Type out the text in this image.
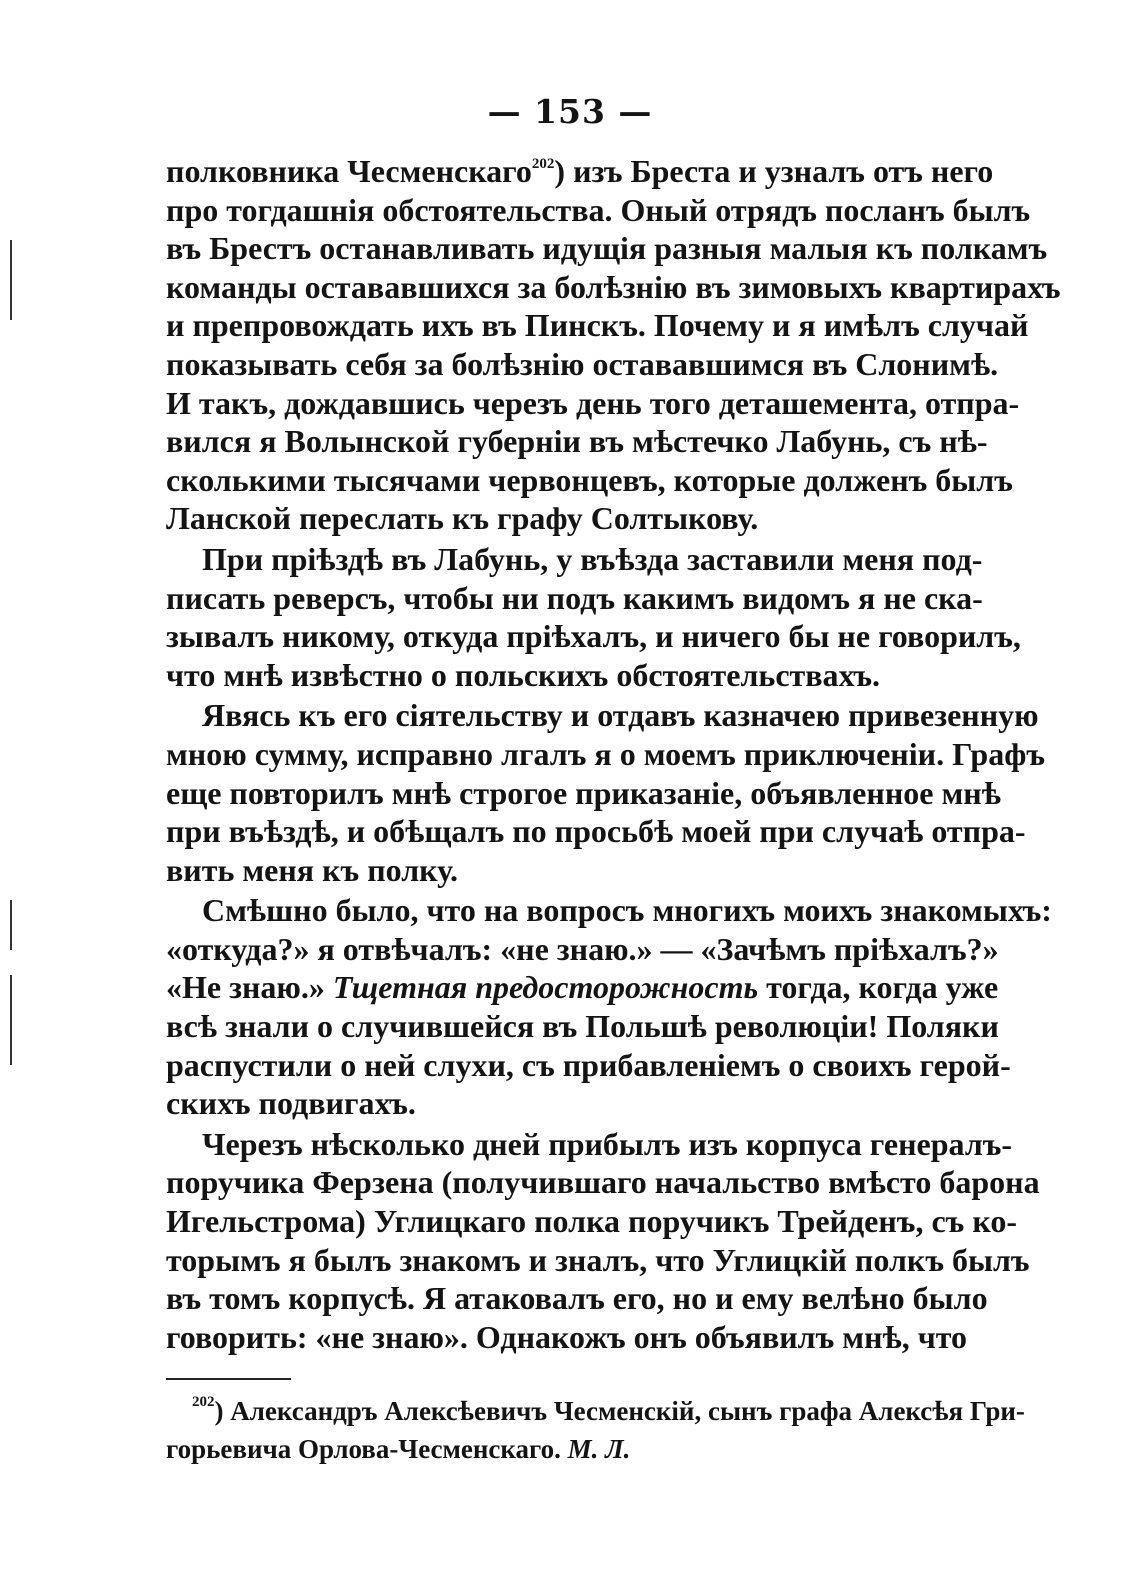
— 153 —
полковника Чесменскаго$^{202}$) изъ Бреста и узналъ отъ него
про тогдашнія обстоятельства. Оный отрядъ посланъ былъ
въ Брестъ останавливать идущія разныя малыя къ полкамъ
команды остававшихся за болѣзнію въ зимовыхъ квартирахъ
и препровождать ихъ въ Пинскъ. Почему и я имѣлъ случай
показывать себя за болѣзнію остававшимся въ Слонимѣ.
И такъ, дождавшись черезъ день того деташемента, отпра-
вился я Волынской губерніи въ мѣстечко Лабунь, съ нѣ-
сколькими тысячами червонцевъ, которые долженъ былъ
Ланской переслать къ графу Солтыкову.
При пріѣздѣ въ Лабунь, у въѣзда заставили меня под-
писать реверсъ, чтобы ни подъ какимъ видомъ я не ска-
зывалъ никому, откуда пріѣхалъ, и ничего бы не говорилъ,
что мнѣ извѣстно о польскихъ обстоятельствахъ.
Явясь къ его сіятельству и отдавъ казначею привезенную
мною сумму, исправно лгалъ я о моемъ приключеніи. Графъ
еще повторилъ мнѣ строгое приказаніе, объявленное мнѣ
при въѣздѣ, и обѣщалъ по просьбѣ моей при случаѣ отпра-
вить меня къ полку.
Смѣшно было, что на вопросъ многихъ моихъ знакомыхъ:
«откуда?» я отвѣчалъ: «не знаю.» — «Зачѣмъ пріѣхалъ?»
«Не знаю.» Тщетная предосторожность тогда, когда уже
всѣ знали о случившейся въ Польшѣ революціи! Поляки
распустили о ней слухи, съ прибавленіемъ о своихъ герой-
скихъ подвигахъ.
Черезъ нѣсколько дней прибылъ изъ корпуса генералъ-
поручика Ферзена (получившаго начальство вмѣсто барона
Игельстрома) Углицкаго полка поручикъ Трейденъ, съ ко-
торымъ я былъ знакомъ и зналъ, что Углицкій полкъ былъ
въ томъ корпусѣ. Я атаковалъ его, но и ему велѣно было
говорить: «не знаю». Однакожъ онъ объявилъ мнѣ, что
$^{202}$) Александръ Алексѣевичъ Чесменскій, сынъ графа Алексѣя Гри-
горьевича Орлова-Чесменскаго. М. Л.
